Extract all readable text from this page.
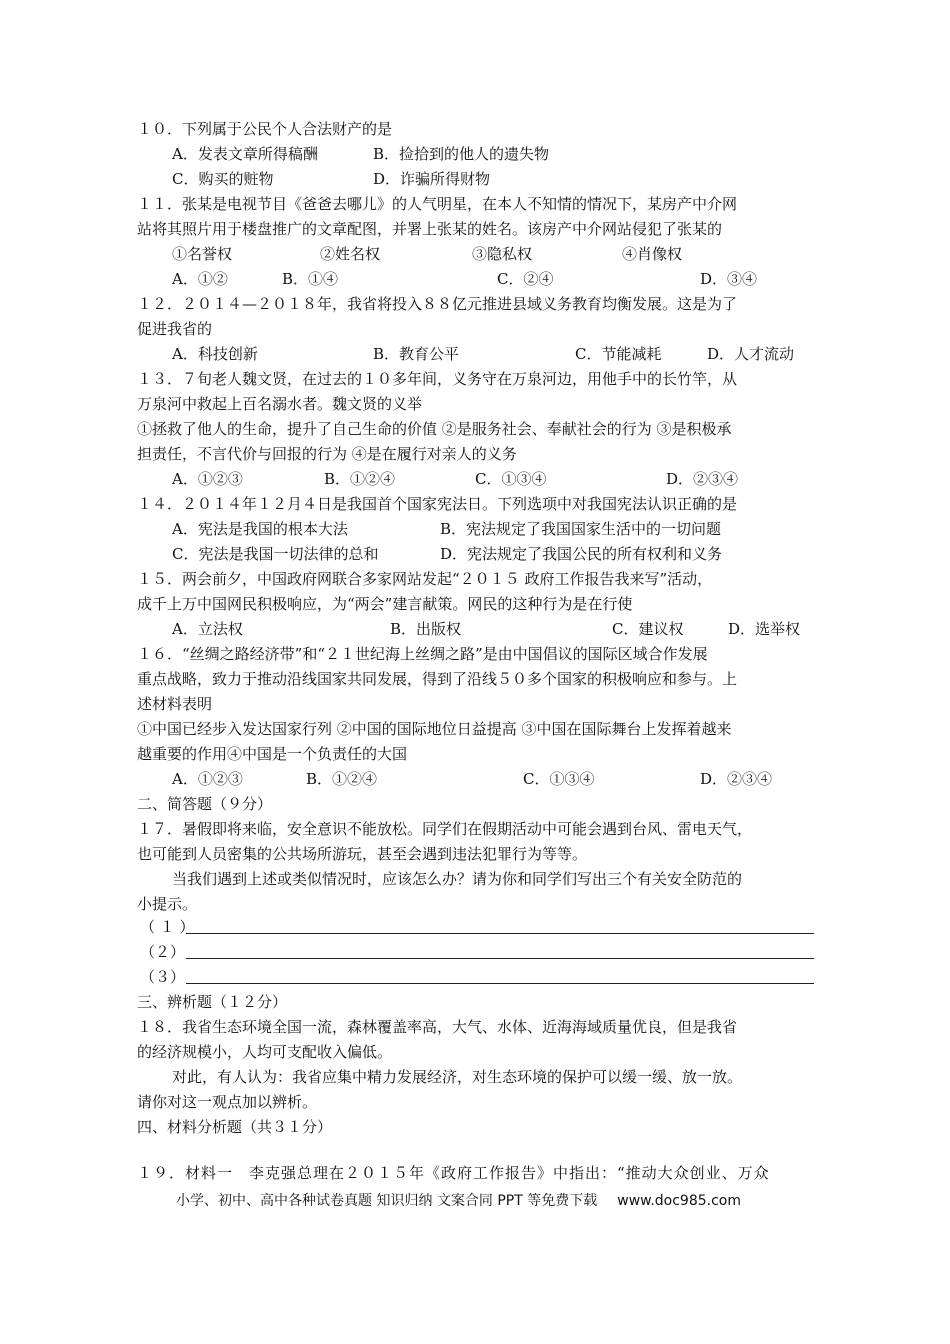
１０．下列属于公民个人合法财产的是
A．发表文章所得稿酬	B．捡拾到的他人的遗失物
C．购买的赃物	D．诈骗所得财物
１１．张某是电视节目《爸爸去哪儿》的人气明星，在本人不知情的情况下，某房产中介网
站将其照片用于楼盘推广的文章配图，并署上张某的姓名。该房产中介网站侵犯了张某的
①名誉权	②姓名权	③隐私权	④肖像权
A．①②	B．①④	C．②④	D．③④
１２．２０１４—２０１８年，我省将投入８８亿元推进县域义务教育均衡发展。这是为了
促进我省的
A．科技创新	B．教育公平	C．节能减耗	D．人才流动
１３．７旬老人魏文贤，在过去的１０多年间，义务守在万泉河边，用他手中的长竹竿，从
万泉河中救起上百名溺水者。魏文贤的义举
①拯救了他人的生命，提升了自己生命的价值 ②是服务社会、奉献社会的行为 ③是积极承
担责任，不言代价与回报的行为 ④是在履行对亲人的义务
A．①②③	B．①②④	C．①③④	D．②③④
１４．２０１４年１２月４日是我国首个国家宪法日。下列选项中对我国宪法认识正确的是
A．宪法是我国的根本大法	B．宪法规定了我国国家生活中的一切问题
C．宪法是我国一切法律的总和	D．宪法规定了我国公民的所有权利和义务
１５．两会前夕，中国政府网联合多家网站发起“２０１５ 政府工作报告我来写”活动，
成千上万中国网民积极响应，为“两会”建言献策。网民的这种行为是在行使
A．立法权	B．出版权	C．建议权	D．选举权
１６．“丝绸之路经济带”和“２１世纪海上丝绸之路”是由中国倡议的国际区域合作发展
重点战略，致力于推动沿线国家共同发展，得到了沿线５０多个国家的积极响应和参与。上
述材料表明
①中国已经步入发达国家行列 ②中国的国际地位日益提高 ③中国在国际舞台上发挥着越来
越重要的作用④中国是一个负责任的大国
A．①②③	B．①②④	C．①③④	D．②③④
二、简答题（９分）
１７．暑假即将来临，安全意识不能放松。同学们在假期活动中可能会遇到台风、雷电天气，
也可能到人员密集的公共场所游玩，甚至会遇到违法犯罪行为等等。
当我们遇到上述或类似情况时，应该怎么办？请为你和同学们写出三个有关安全防范的
小提示。
（ １ ）
（２）
（３）
三、辨析题（１２分）
１８．我省生态环境全国一流，森林覆盖率高，大气、水体、近海海域质量优良，但是我省
的经济规模小，人均可支配收入偏低。
对此，有人认为：我省应集中精力发展经济，对生态环境的保护可以缓一缓、放一放。
请你对这一观点加以辨析。
四、材料分析题（共３１分）
１９．材料一　李克强总理在２０１５年《政府工作报告》中指出：“推动大众创业、万众
小学、初中、高中各种试卷真题 知识归纳 文案合同 PPT 等免费下载 www.doc985.com
